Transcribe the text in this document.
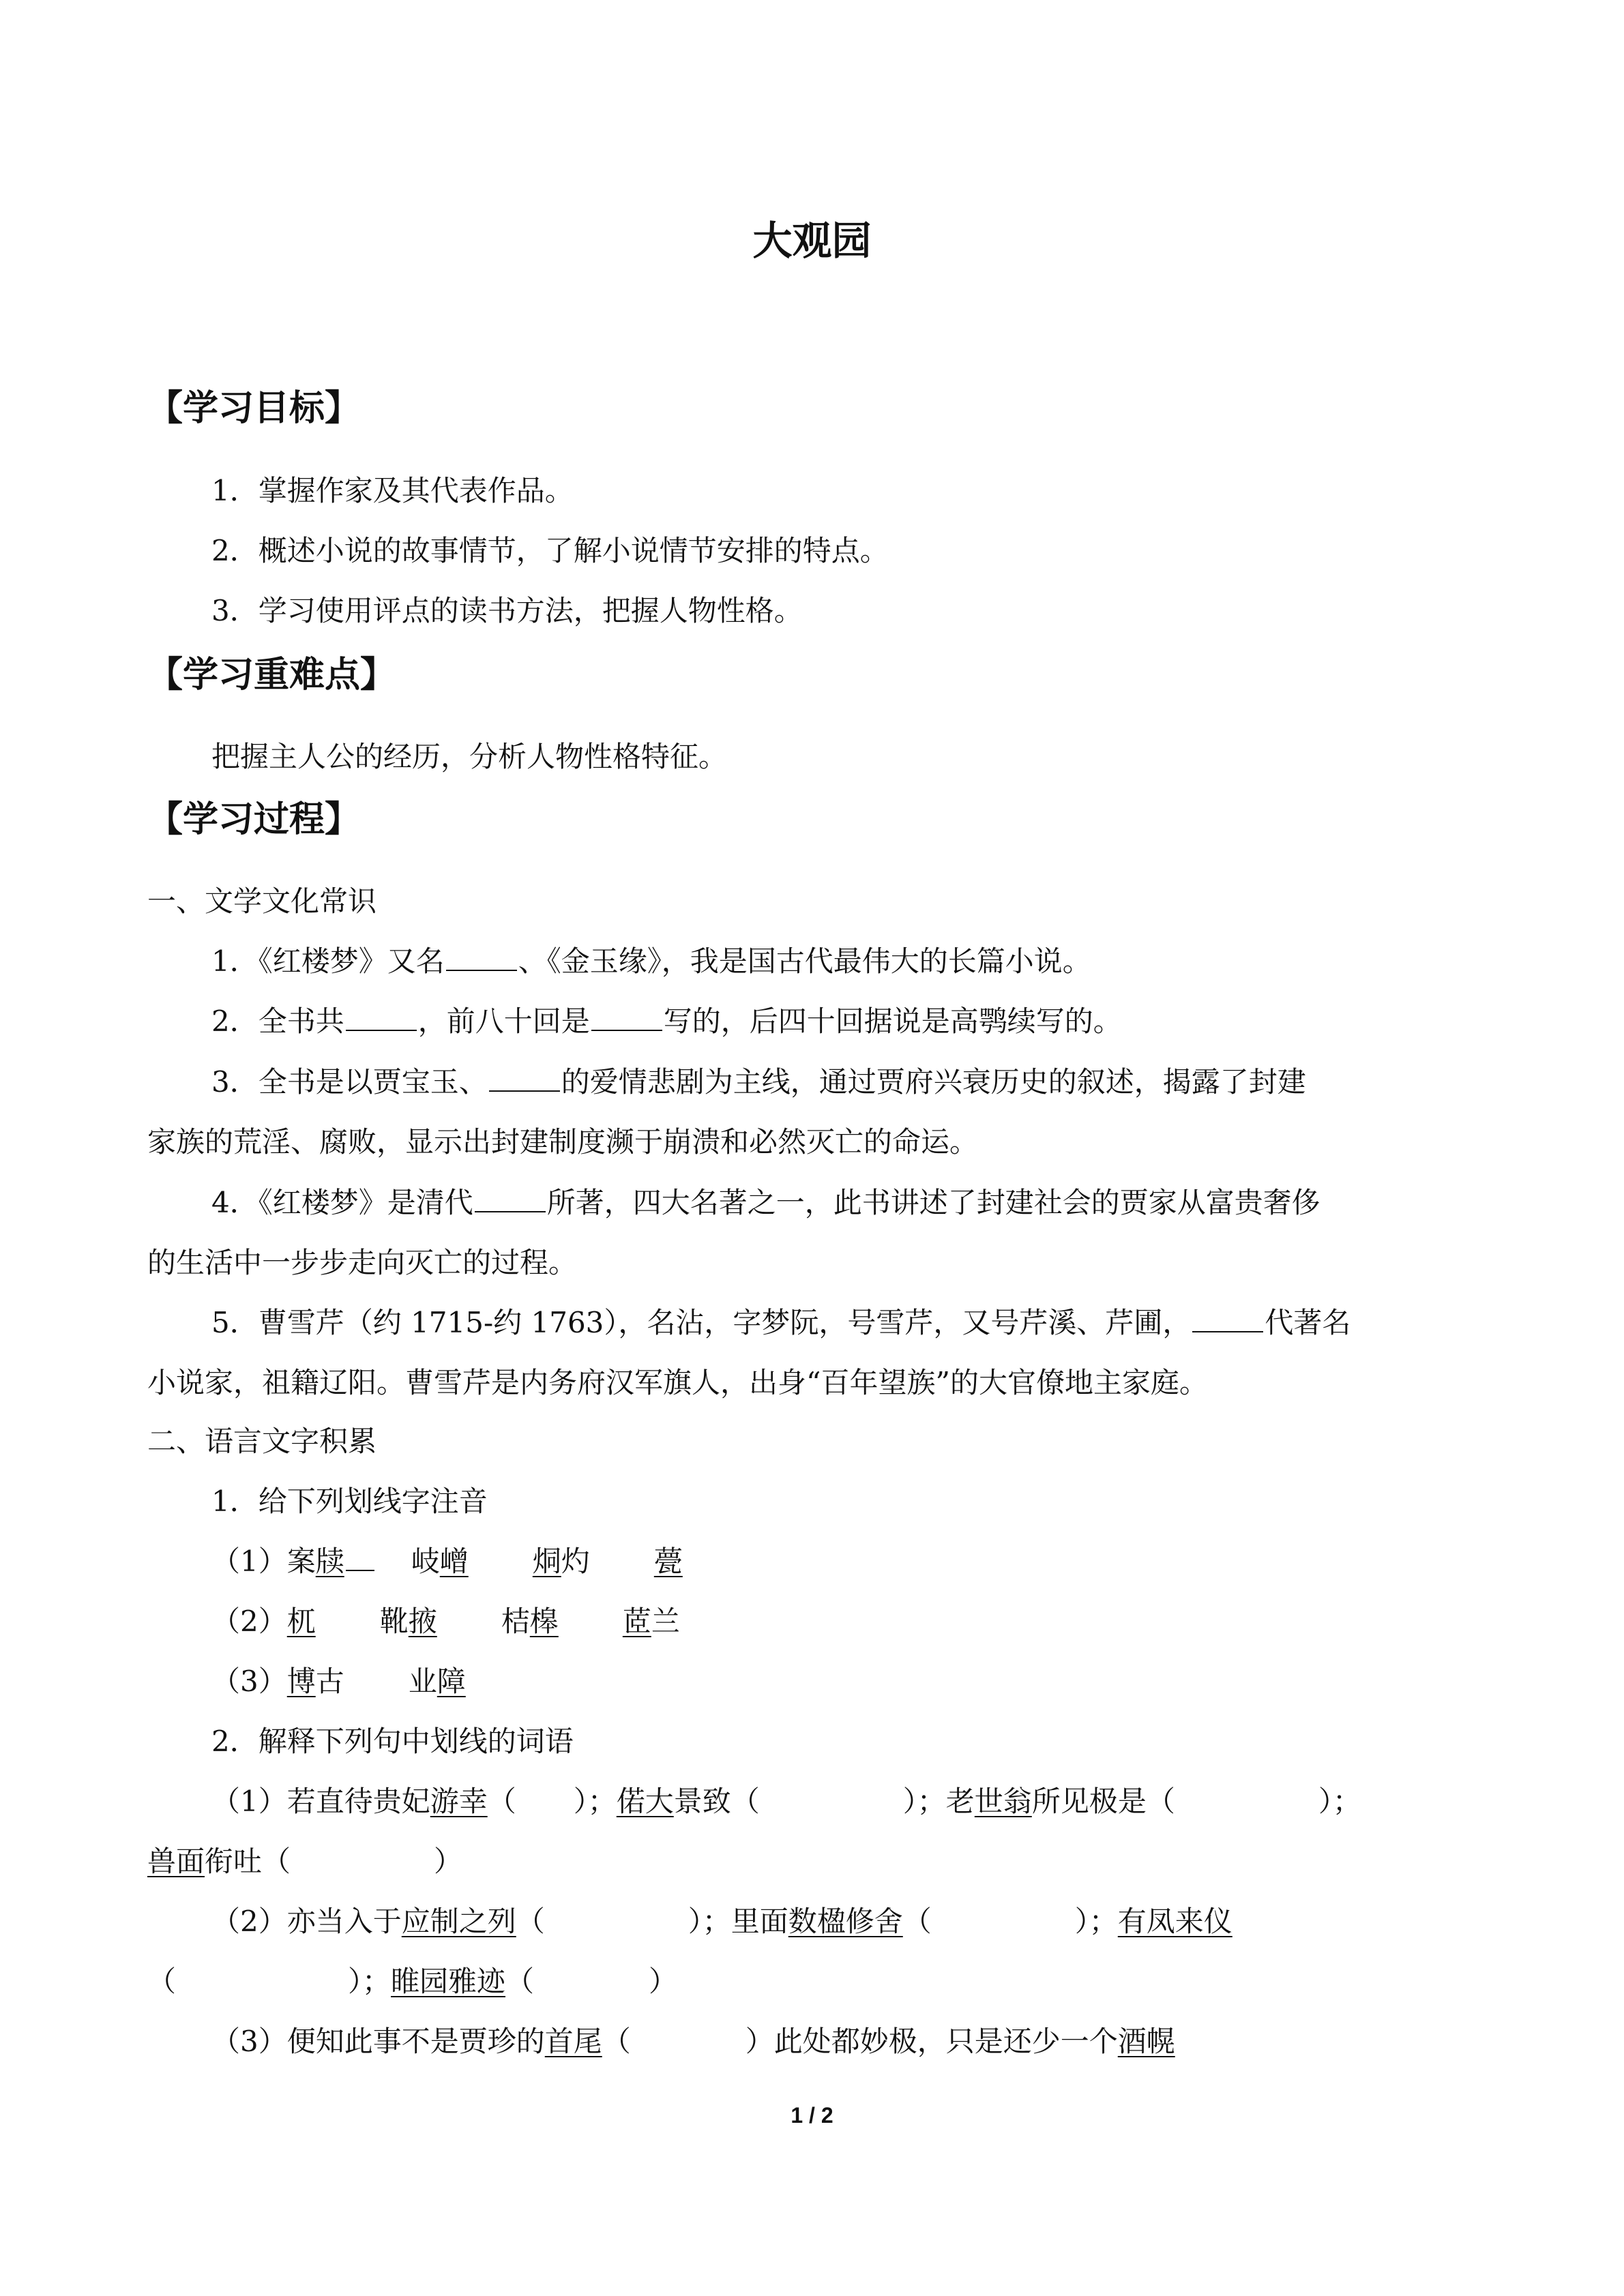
大观园
【学习目标】
1．掌握作家及其代表作品。
2．概述小说的故事情节，了解小说情节安排的特点。
3．学习使用评点的读书方法，把握人物性格。
【学习重难点】
把握主人公的经历，分析人物性格特征。
【学习过程】
一、文学文化常识
1．《红楼梦》又名	、《金玉缘》，我是国古代最伟大的长篇小说。
2．全书共	，前八十回是	写的，后四十回据说是高鹗续写的。
3．全书是以贾宝玉、	的爱情悲剧为主线，通过贾府兴衰历史的叙述，揭露了封建
家族的荒淫、腐败，显示出封建制度濒于崩溃和必然灭亡的命运。
4．《红楼梦》是清代	所著，四大名著之一，此书讲述了封建社会的贾家从富贵奢侈
的生活中一步步走向灭亡的过程。
5．曹雪芹（约 1715-约 1763），名沾，字梦阮，号雪芹，又号芹溪、芹圃，	代著名
小说家，祖籍辽阳。曹雪芹是内务府汉军旗人，出身“百年望族”的大官僚地主家庭。
二、语言文字积累
1．给下列划线字注音
（1）案牍 岐嶒 烔灼 甍
（2）杌 靴掖 桔槔 茝兰
（3）博古 业障
2．解释下列句中划线的词语
（1）若直待贵妃游幸（　　）；偌大景致（　　　　　）；老世翁所见极是（　　　　　）；
兽面衔吐（　　　　　）
（2）亦当入于应制之列（　　　　　）；里面数楹修舍（　　　　　）；有凤来仪
（　　　　　　）；睢园雅迹（　　　　）
（3）便知此事不是贾珍的首尾（　　　　）此处都妙极，只是还少一个酒幌
1 / 2
